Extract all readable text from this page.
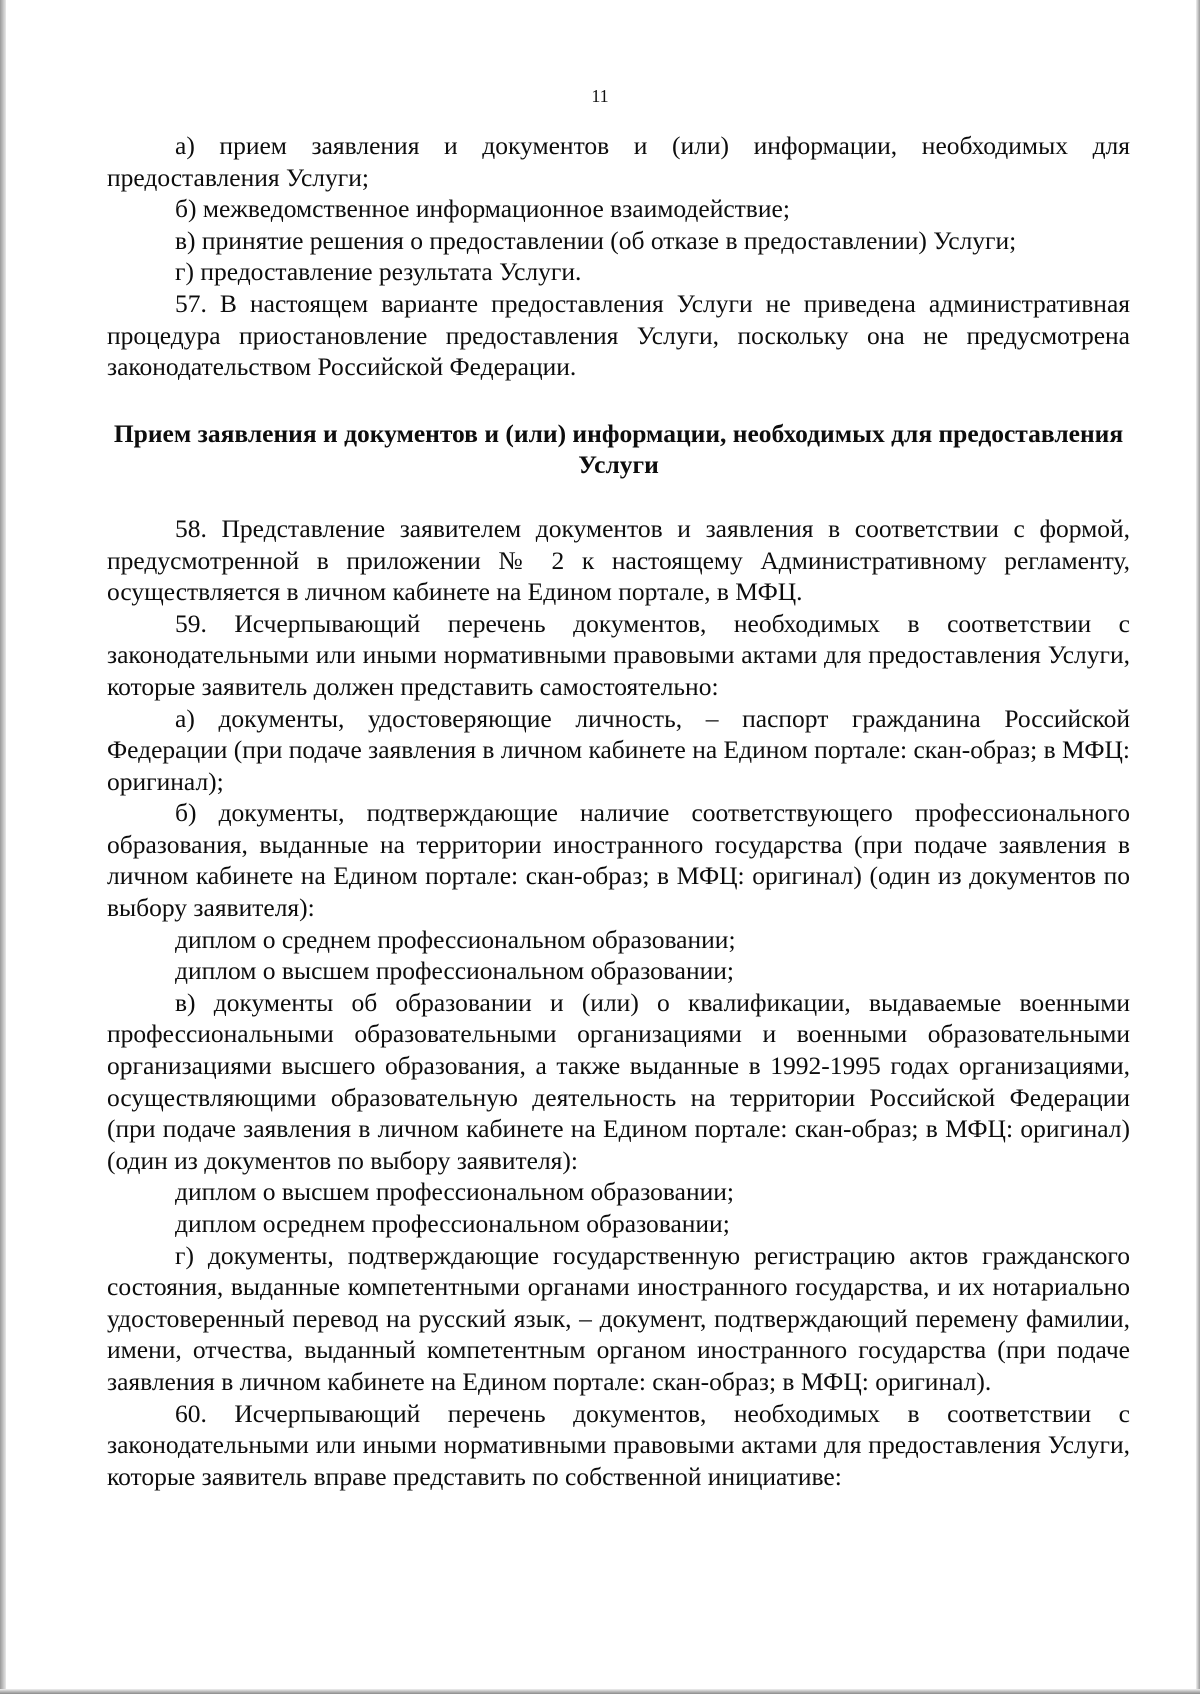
11

а) прием заявления и документов и (или) информации, необходимых для предоставления Услуги;

б) межведомственное информационное взаимодействие;

в) принятие решения о предоставлении (об отказе в предоставлении) Услуги;

г) предоставление результата Услуги.

57. В настоящем варианте предоставления Услуги не приведена административная процедура приостановление предоставления Услуги, поскольку она не предусмотрена законодательством Российской Федерации.

Прием заявления и документов и (или) информации, необходимых для предоставления Услуги

58. Представление заявителем документов и заявления в соответствии с формой, предусмотренной в приложении № 2 к настоящему Административному регламенту, осуществляется в личном кабинете на Едином портале, в МФЦ.

59. Исчерпывающий перечень документов, необходимых в соответствии с законодательными или иными нормативными правовыми актами для предоставления Услуги, которые заявитель должен представить самостоятельно:

а) документы, удостоверяющие личность, – паспорт гражданина Российской Федерации (при подаче заявления в личном кабинете на Едином портале: скан-образ; в МФЦ: оригинал);

б) документы, подтверждающие наличие соответствующего профессионального образования, выданные на территории иностранного государства (при подаче заявления в личном кабинете на Едином портале: скан-образ; в МФЦ: оригинал) (один из документов по выбору заявителя):

диплом о среднем профессиональном образовании;

диплом о высшем профессиональном образовании;

в) документы об образовании и (или) о квалификации, выдаваемые военными профессиональными образовательными организациями и военными образовательными организациями высшего образования, а также выданные в 1992-1995 годах организациями, осуществляющими образовательную деятельность на территории Российской Федерации (при подаче заявления в личном кабинете на Едином портале: скан-образ; в МФЦ: оригинал) (один из документов по выбору заявителя):

диплом о высшем профессиональном образовании;

диплом осреднем профессиональном образовании;

г) документы, подтверждающие государственную регистрацию актов гражданского состояния, выданные компетентными органами иностранного государства, и их нотариально удостоверенный перевод на русский язык, – документ, подтверждающий перемену фамилии, имени, отчества, выданный компетентным органом иностранного государства (при подаче заявления в личном кабинете на Едином портале: скан-образ; в МФЦ: оригинал).

60. Исчерпывающий перечень документов, необходимых в соответствии с законодательными или иными нормативными правовыми актами для предоставления Услуги, которые заявитель вправе представить по собственной инициативе:
